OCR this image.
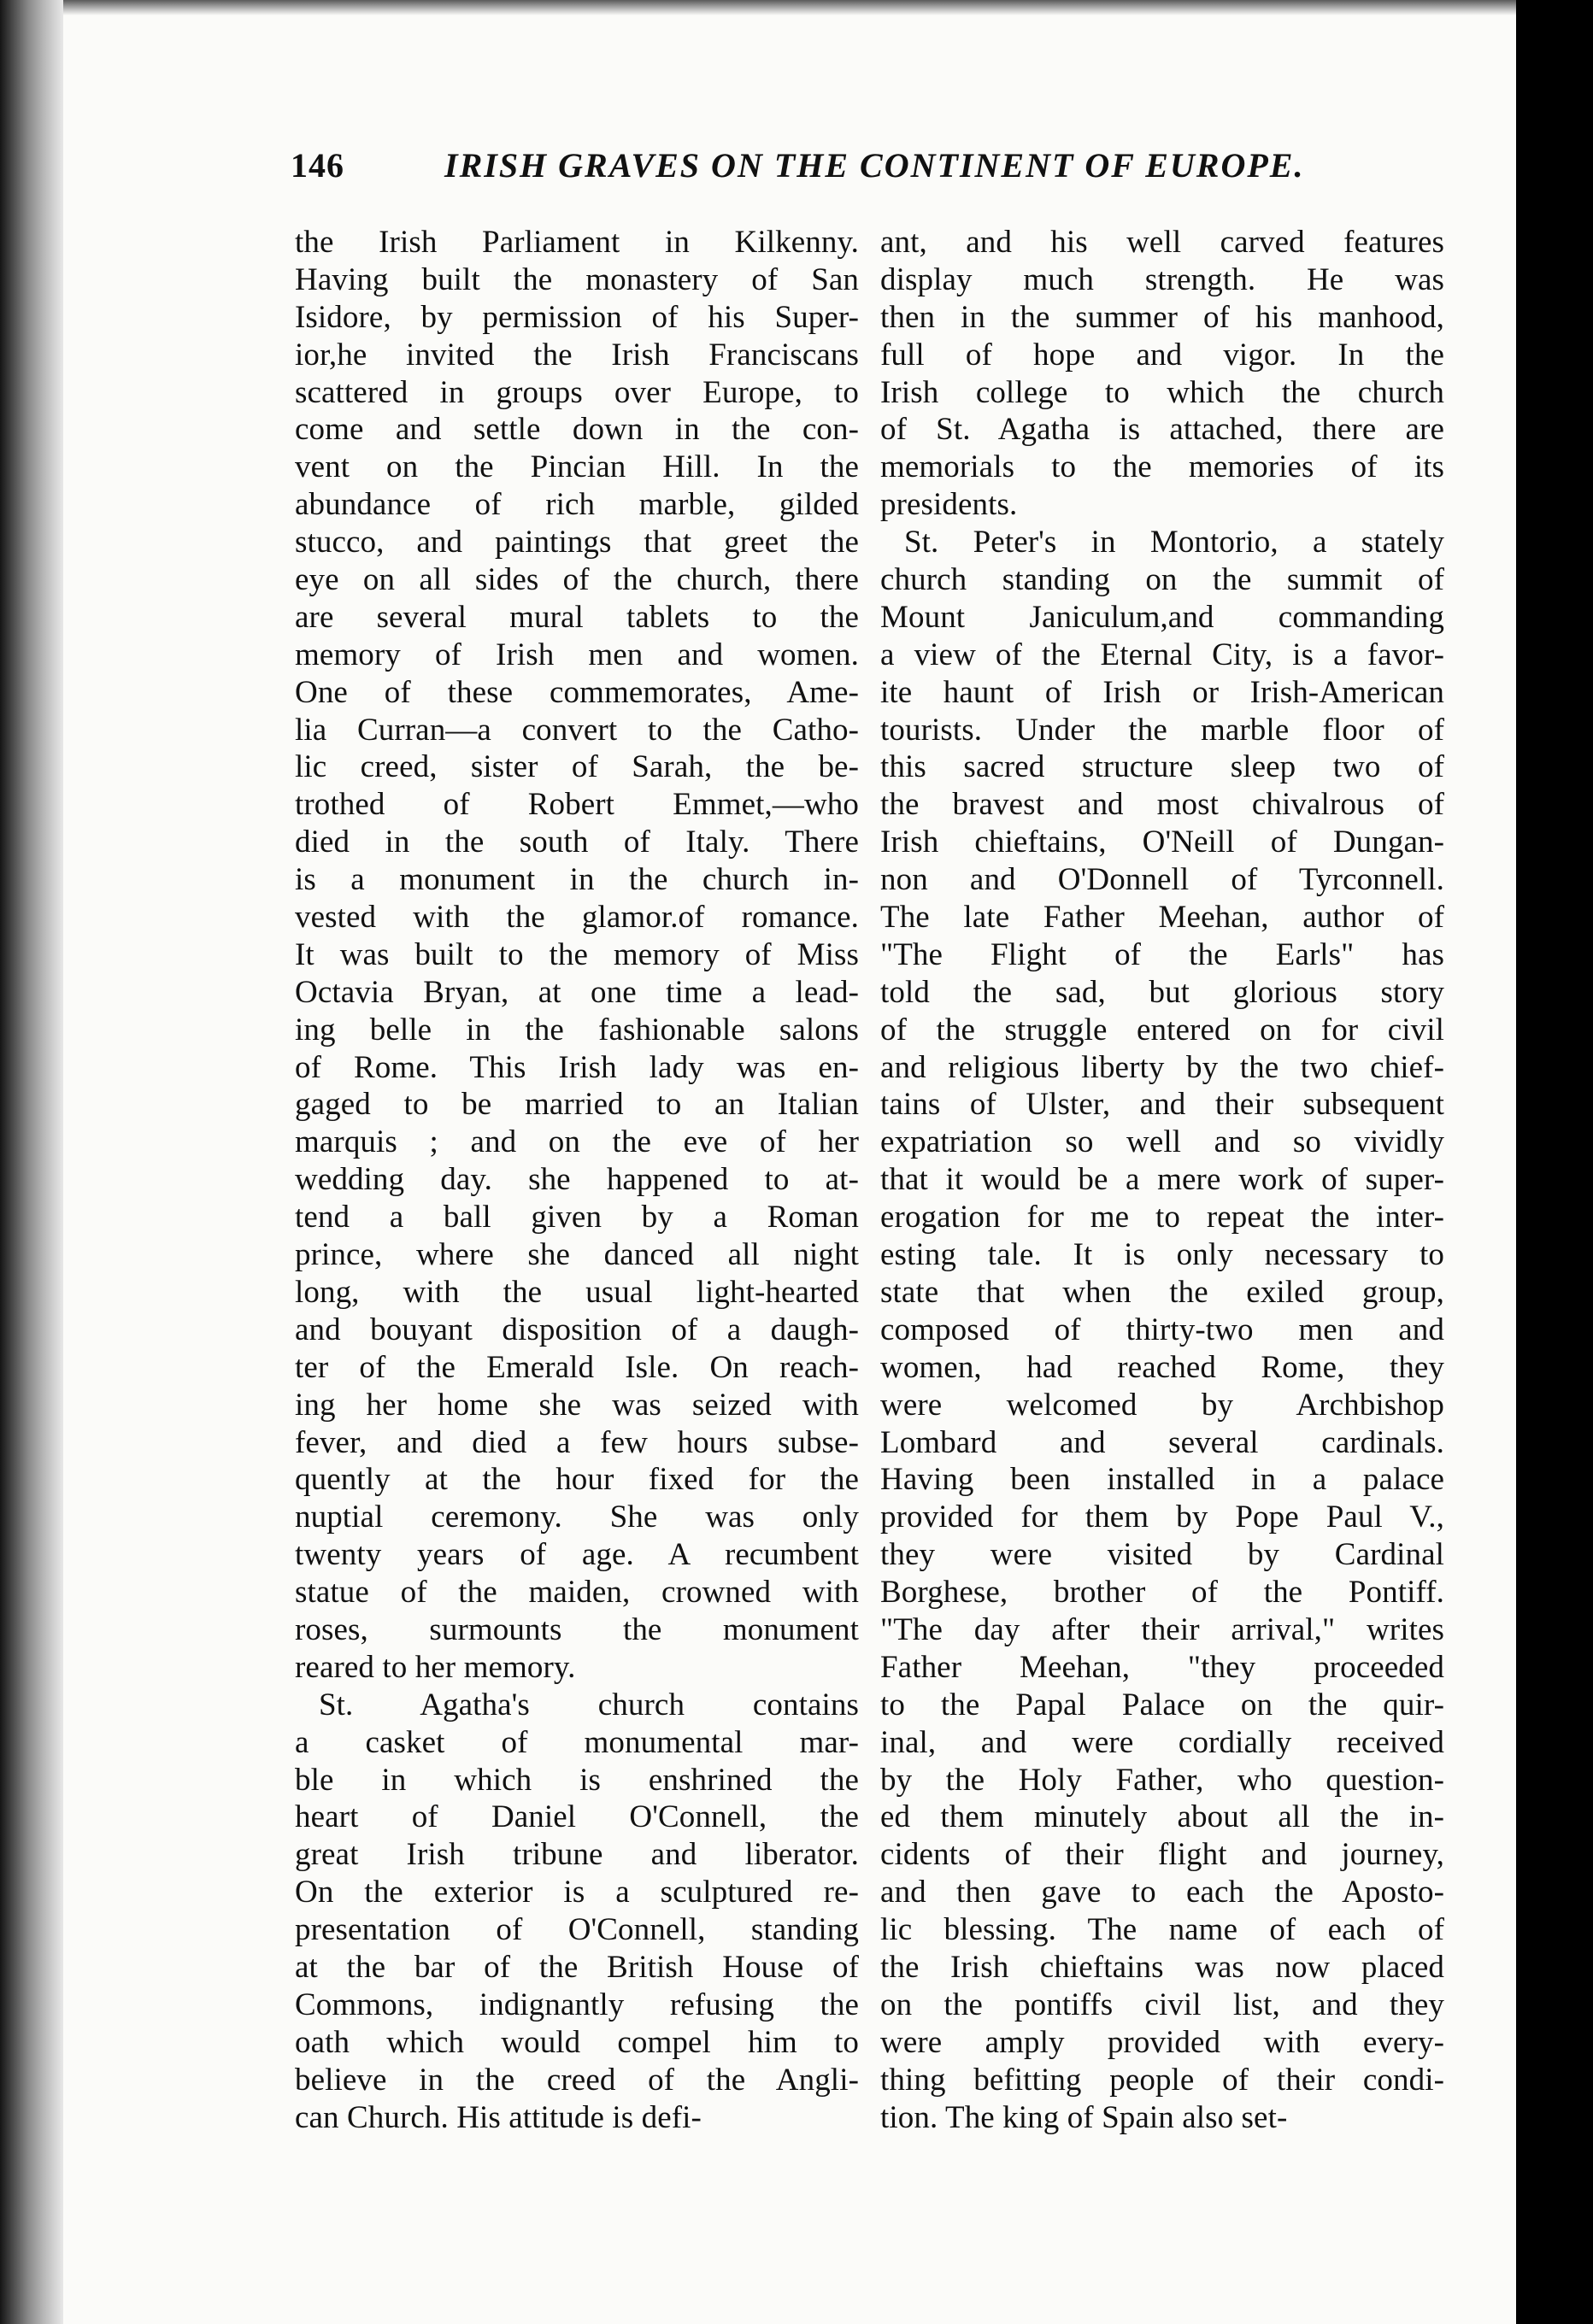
146	IRISH GRAVES ON THE CONTINENT OF EUROPE.
the Irish Parliament in Kilkenny.
Having built the monastery of San
Isidore, by permission of his Super-
ior,he invited the Irish Franciscans
scattered in groups over Europe, to
come and settle down in the con-
vent on the Pincian Hill. In the
abundance of rich marble, gilded
stucco, and paintings that greet the
eye on all sides of the church, there
are several mural tablets to the
memory of Irish men and women.
One of these commemorates, Ame-
lia Curran—a convert to the Catho-
lic creed, sister of Sarah, the be-
trothed of Robert Emmet,—who
died in the south of Italy. There
is a monument in the church in-
vested with the glamor.of romance.
It was built to the memory of Miss
Octavia Bryan, at one time a lead-
ing belle in the fashionable salons
of Rome. This Irish lady was en-
gaged to be married to an Italian
marquis ; and on the eve of her
wedding day. she happened to at-
tend a ball given by a Roman
prince, where she danced all night
long, with the usual light-hearted
and bouyant disposition of a daugh-
ter of the Emerald Isle. On reach-
ing her home she was seized with
fever, and died a few hours subse-
quently at the hour fixed for the
nuptial ceremony. She was only
twenty years of age. A recumbent
statue of the maiden, crowned with
roses, surmounts the monument
reared to her memory.
St. Agatha's church contains
a casket of monumental mar-
ble in which is enshrined the
heart of Daniel O'Connell, the
great Irish tribune and liberator.
On the exterior is a sculptured re-
presentation of O'Connell, standing
at the bar of the British House of
Commons, indignantly refusing the
oath which would compel him to
believe in the creed of the Angli-
can Church. His attitude is defi-
ant, and his well carved features
display much strength. He was
then in the summer of his manhood,
full of hope and vigor. In the
Irish college to which the church
of St. Agatha is attached, there are
memorials to the memories of its
presidents.
St. Peter's in Montorio, a stately
church standing on the summit of
Mount Janiculum,and commanding
a view of the Eternal City, is a favor-
ite haunt of Irish or Irish-American
tourists. Under the marble floor of
this sacred structure sleep two of
the bravest and most chivalrous of
Irish chieftains, O'Neill of Dungan-
non and O'Donnell of Tyrconnell.
The late Father Meehan, author of
"The Flight of the Earls" has
told the sad, but glorious story
of the struggle entered on for civil
and religious liberty by the two chief-
tains of Ulster, and their subsequent
expatriation so well and so vividly
that it would be a mere work of super-
erogation for me to repeat the inter-
esting tale. It is only necessary to
state that when the exiled group,
composed of thirty-two men and
women, had reached Rome, they
were welcomed by Archbishop
Lombard and several cardinals.
Having been installed in a palace
provided for them by Pope Paul V.,
they were visited by Cardinal
Borghese, brother of the Pontiff.
"The day after their arrival," writes
Father Meehan, "they proceeded
to the Papal Palace on the quir-
inal, and were cordially received
by the Holy Father, who question-
ed them minutely about all the in-
cidents of their flight and journey,
and then gave to each the Aposto-
lic blessing. The name of each of
the Irish chieftains was now placed
on the pontiffs civil list, and they
were amply provided with every-
thing befitting people of their condi-
tion. The king of Spain also set-
